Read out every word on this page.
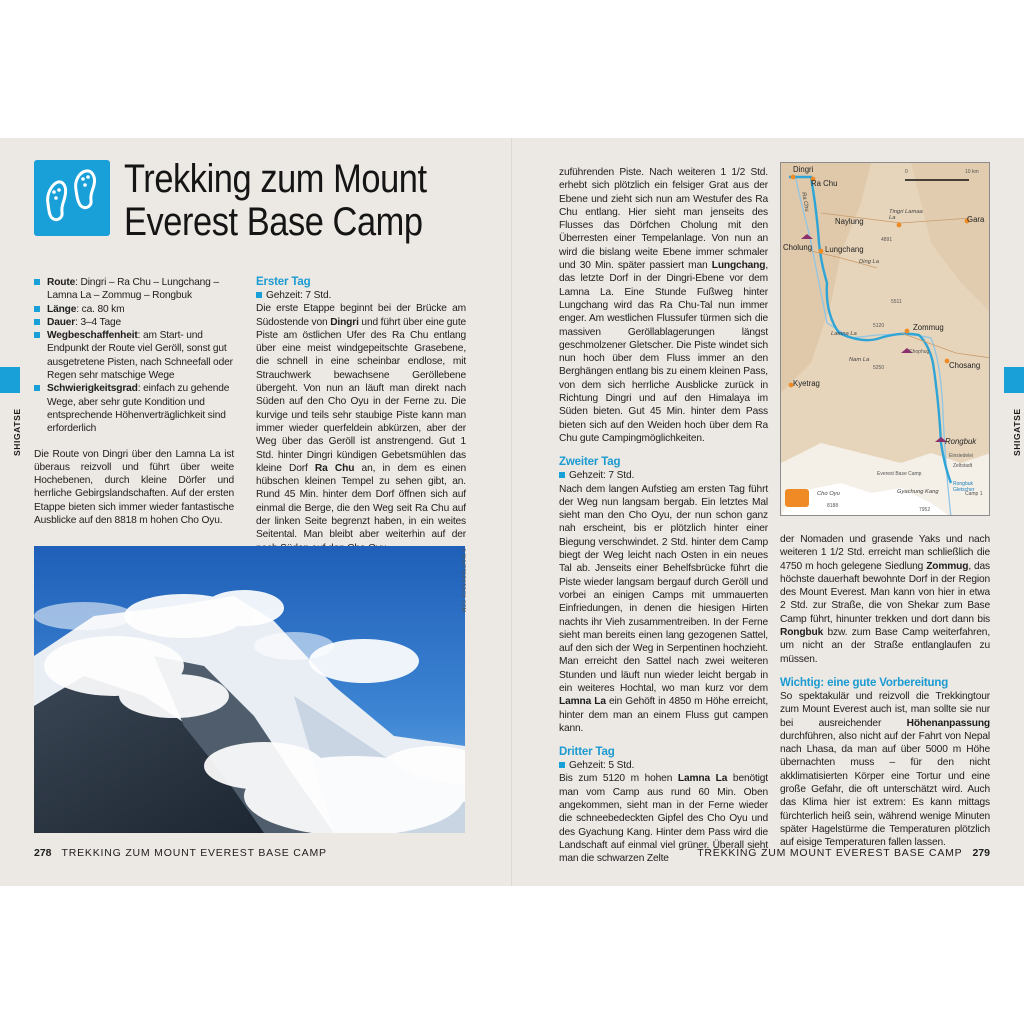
Trekking zum Mount
Everest Base Camp
Route: Dingri – Ra Chu – Lungchang – Lamna La – Zommug – Rongbuk
Länge: ca. 80 km
Dauer: 3–4 Tage
Wegbeschaffenheit: am Start- und Endpunkt der Route viel Geröll, sonst gut ausgetretene Pisten, nach Schneefall oder Regen sehr matschige Wege
Schwierigkeitsgrad: einfach zu gehende Wege, aber sehr gute Kondition und entsprechende Höhenverträglichkeit sind erforderlich

Die Route von Dingri über den Lamna La ist überaus reizvoll und führt über weite Hochebenen, durch kleine Dörfer und herrliche Gebirgslandschaften. Auf der ersten Etappe bieten sich immer wieder fantastische Ausblicke auf den 8818 m hohen Cho Oyu.

Erster Tag
Gehzeit: 7 Std.

Die erste Etappe beginnt bei der Brücke am Südostende von Dingri und führt über eine gute Piste am östlichen Ufer des Ra Chu entlang über eine meist windgepeitschte Grasebene, die schnell in eine scheinbar endlose, mit Strauchwerk bewachsene Geröllebene übergeht. Von nun an läuft man direkt nach Süden auf den Cho Oyu in der Ferne zu. Die kurvige und teils sehr staubige Piste kann man immer wieder querfeldein abkürzen, aber der Weg über das Geröll ist anstrengend. Gut 1 Std. hinter Dingri kündigen Gebetsmühlen das kleine Dorf Ra Chu an, in dem es einen hübschen kleinen Tempel zu sehen gibt, an. Rund 45 Min. hinter dem Dorf öffnen sich auf einmal die Berge, die den Weg seit Ra Chu auf der linken Seite begrenzt haben, in ein weites Seitental. Man bleibt aber weiterhin auf der

© SHUTTERSTOCK.COM
SHIGATSE
278 TREKKING ZUM MOUNT EVEREST BASE CAMP

zuführenden Piste. Nach weiteren 1 1/2 Std. erhebt sich plötzlich ein felsiger Grat aus der Ebene und zieht sich nun am Westufer des Ra Chu entlang. Hier sieht man jenseits des Flusses das Dörfchen Cholung mit den Überresten einer Tempelanlage. Von nun an wird die bislang weite Ebene immer schmaler und 30 Min. später passiert man Lungchang, das letzte Dorf in der Dingri-Ebene vor dem Lamna La. Eine Stunde Fußweg hinter Lungchang wird das Ra Chu-Tal nun immer enger. Am westlichen Flussufer türmen sich die massiven Geröllablagerungen längst geschmolzener Gletscher. Die Piste windet sich nun hoch über dem Fluss immer an den Berghängen entlang bis zu einem kleinen Pass, von dem sich herrliche Ausblicke zurück in Richtung Dingri und auf den Himalaya im Süden bieten. Gut 45 Min. hinter dem Pass bieten sich auf den Weiden hoch über dem Ra Chu gute Campingmöglichkeiten.

Zweiter Tag
Gehzeit: 7 Std.

Nach dem langen Aufstieg am ersten Tag führt der Weg nun langsam bergab. Ein letztes Mal sieht man den Cho Oyu, der nun schon ganz nah erscheint, bis er plötzlich hinter einer Biegung verschwindet. 2 Std. hinter dem Camp biegt der Weg leicht nach Osten in ein neues Tal ab. Jenseits einer Behelfsbrücke führt die Piste wieder langsam bergauf durch Geröll und vorbei an einigen Camps mit ummauerten Einfriedungen, in denen die hiesigen Hirten nachts ihr Vieh zusammentreiben. In der Ferne sieht man bereits einen lang gezogenen Sattel, auf den sich der Weg in Serpentinen hochzieht. Man erreicht den Sattel nach zwei weiteren Stunden und läuft nun wieder leicht bergab in ein weiteres Hochtal, wo man kurz vor dem Lamna La ein Gehöft in 4850 m Höhe erreicht, hinter dem man an einem Fluss gut campen kann.

Dritter Tag
Gehzeit: 5 Std.

Bis zum 5120 m hohen Lamna La benötigt man vom Camp aus rund 60 Min. Oben angekommen, sieht man in der Ferne wieder die schneebedeckten Gipfel des Cho Oyu und des Gyachung Kang. Hinter dem Pass wird die Landschaft auf einmal viel grüner. Überall sieht man die schwarzen Zelte

der Nomaden und grasende Yaks und nach weiteren 1 1/2 Std. erreicht man schließlich die 4750 m hoch gelegene Siedlung Zommug, das höchste dauerhaft bewohnte Dorf in der Region des Mount Everest. Man kann von hier in etwa 2 Std. zur Straße, die von Shekar zum Base Camp führt, hinunter trekken und dort dann bis Rongbuk bzw. zum Base Camp weiterfahren, um nicht an der Straße entlanglaufen zu müssen.

Wichtig: eine gute Vorbereitung

So spektakulär und reizvoll die Trekkingtour zum Mount Everest auch ist, man sollte sie nur bei ausreichender Höhenanpassung durchführen, also nicht auf der Fahrt von Nepal nach Lhasa, da man auf über 5000 m Höhe übernachten muss – für den nicht akklimatisierten Körper eine Tortur und eine große Gefahr, die oft unterschätzt wird. Auch das Klima hier ist extrem: Es kann mittags fürchterlich heiß sein, während wenige Minuten später Hagelstürme die Temperaturen plötzlich auf eisige Temperaturen fallen lassen.

SHIGATSE
TREKKING ZUM MOUNT EVEREST BASE CAMP 279
0	10 km
Dingri
Ra Chu
Ra Chu
Naylung
Tingri Lamaa La	Gara
Cholung Lungchang
4891
Ding La
5511
5120	Zommug
Lamna La
Chophug
Nam La
5250	Chosang
Kyetrag
Rongbuk
Einsiedelei
Zeltstadt
Everest Base Camp
Rongbuk Gletscher
Cho Oyu
8188
Gyachung Kang
7952
Camp 1
